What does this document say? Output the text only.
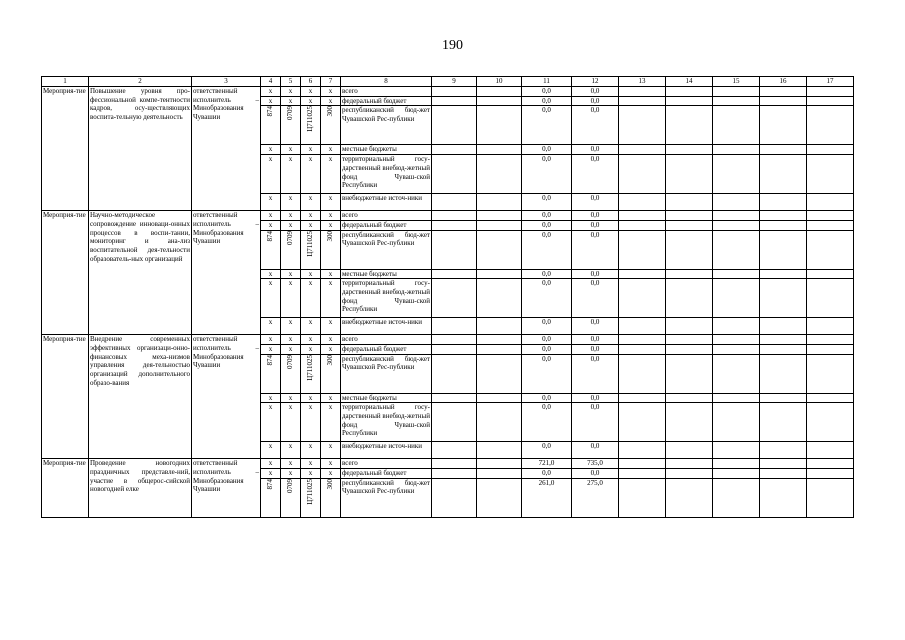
190
1	2	3	4	5	6	7	8	9	10	11	12	13	14	15	16	17
Мероприя-тие	Повышение уровня про-фессиональной компе-тентности кадров, осу-ществляющих воспита-тельную деятельность	ответственный исполнитель – Минобразования Чувашии	x	x	x	x	всего			0,0	0,0					
			x	x	x	x	федеральный бюджет			0,0	0,0					
			874	0709	Ц711025	300	республиканский бюд-жет Чувашской Рес-публики			0,0	0,0					
			x	x	x	x	местные бюджеты			0,0	0,0					
			x	x	x	x	территориальный госу-дарственный внебюд-жетный фонд Чуваш-ской Республики			0,0	0,0					
			x	x	x	x	внебюджетные источ-ники			0,0	0,0					
Мероприя-тие	Научно-методическое сопровождение инноваци-онных процессов в воспи-тании, мониторинг и ана-лиз воспитательной дея-тельности образователь-ных организаций	ответственный исполнитель – Минобразования Чувашии	x	x	x	x	всего			0,0	0,0					
			x	x	x	x	федеральный бюджет			0,0	0,0					
			874	0709	Ц711025	300	республиканский бюд-жет Чувашской Рес-публики			0,0	0,0					
			x	x	x	x	местные бюджеты			0,0	0,0					
			x	x	x	x	территориальный госу-дарственный внебюд-жетный фонд Чуваш-ской Республики			0,0	0,0					
			x	x	x	x	внебюджетные источ-ники			0,0	0,0					
Мероприя-тие	Внедрение современных эффективных организаци-онно-финансовых меха-низмов управления дея-тельностью организаций дополнительного образо-вания	ответственный исполнитель – Минобразования Чувашии	x	x	x	x	всего			0,0	0,0					
			x	x	x	x	федеральный бюджет			0,0	0,0					
			874	0709	Ц711025	300	республиканский бюд-жет Чувашской Рес-публики			0,0	0,0					
			x	x	x	x	местные бюджеты			0,0	0,0					
			x	x	x	x	территориальный госу-дарственный внебюд-жетный фонд Чуваш-ской Республики			0,0	0,0					
			x	x	x	x	внебюджетные источ-ники			0,0	0,0					
Мероприя-тие	Проведение новогодних праздничных представле-ний, участие в общерос-сийской новогодней елке	ответственный исполнитель – Минобразования Чувашии	x	x	x	x	всего			721,0	735,0					
			x	x	x	x	федеральный бюджет			0,0	0,0					
			874	0709	Ц711025	300	республиканский бюд-жет Чувашской Рес-публики			261,0	275,0					
